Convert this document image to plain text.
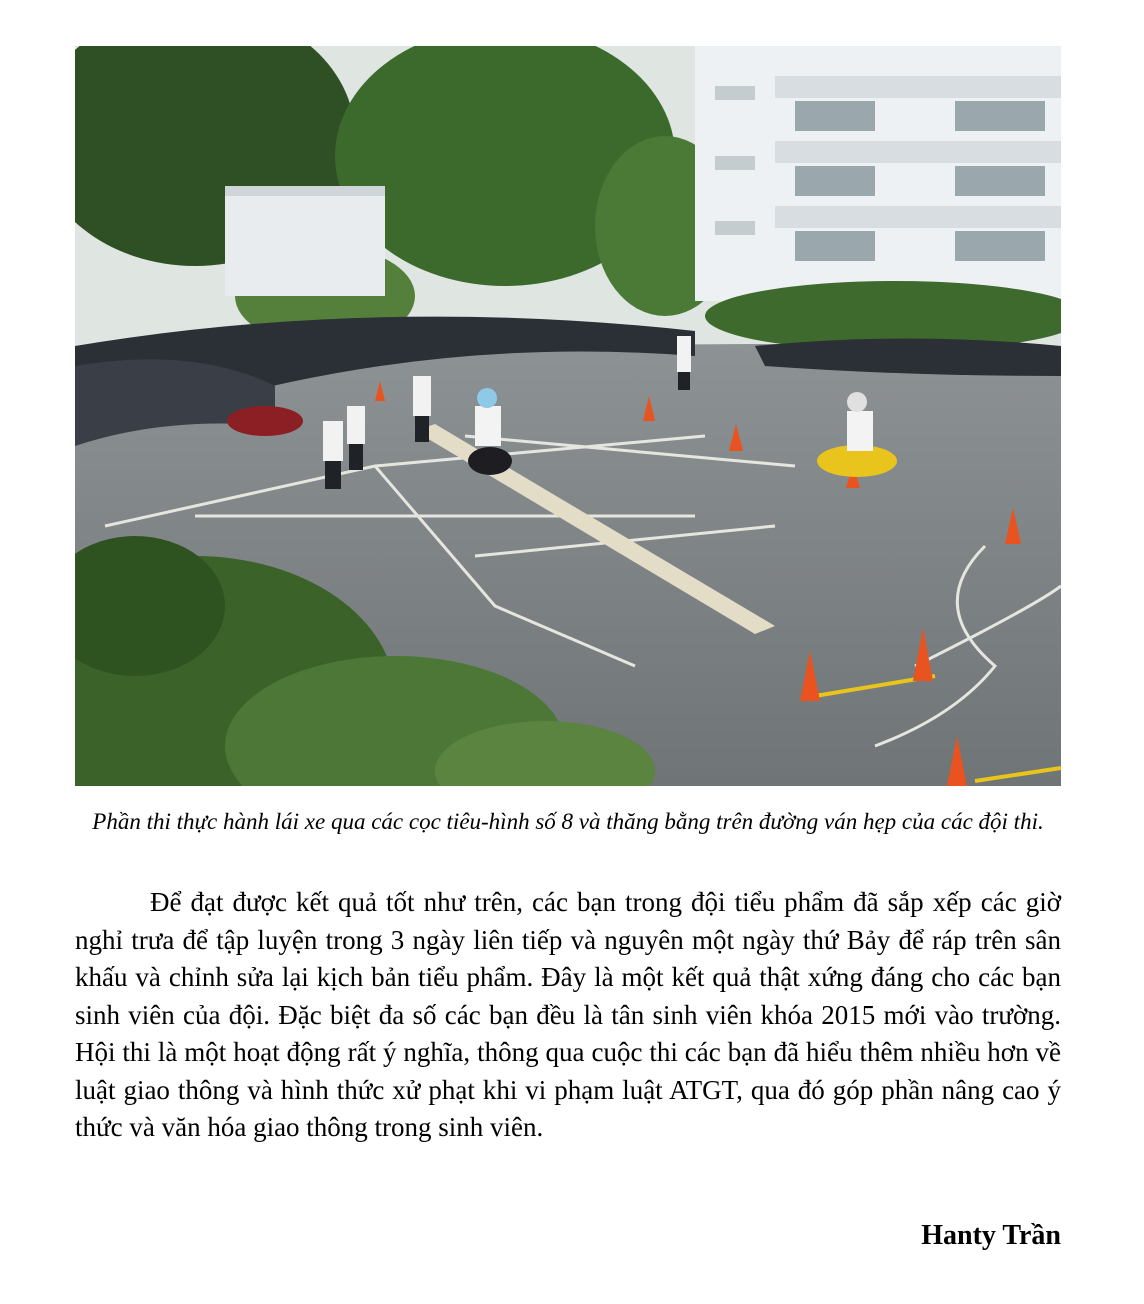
Phần thi thực hành lái xe qua các cọc tiêu-hình số 8 và thăng bằng trên đường ván hẹp của các đội thi.

Để đạt được kết quả tốt như trên, các bạn trong đội tiểu phẩm đã sắp xếp các giờ nghỉ trưa để tập luyện trong 3 ngày liên tiếp và nguyên một ngày thứ Bảy để ráp trên sân khấu và chỉnh sửa lại kịch bản tiểu phẩm. Đây là một kết quả thật xứng đáng cho các bạn sinh viên của đội. Đặc biệt đa số các bạn đều là tân sinh viên khóa 2015 mới vào trường. Hội thi là một hoạt động rất ý nghĩa, thông qua cuộc thi các bạn đã hiểu thêm nhiều hơn về luật giao thông và hình thức xử phạt khi vi phạm luật ATGT, qua đó góp phần nâng cao ý thức và văn hóa giao thông trong sinh viên.

Hanty Trần
